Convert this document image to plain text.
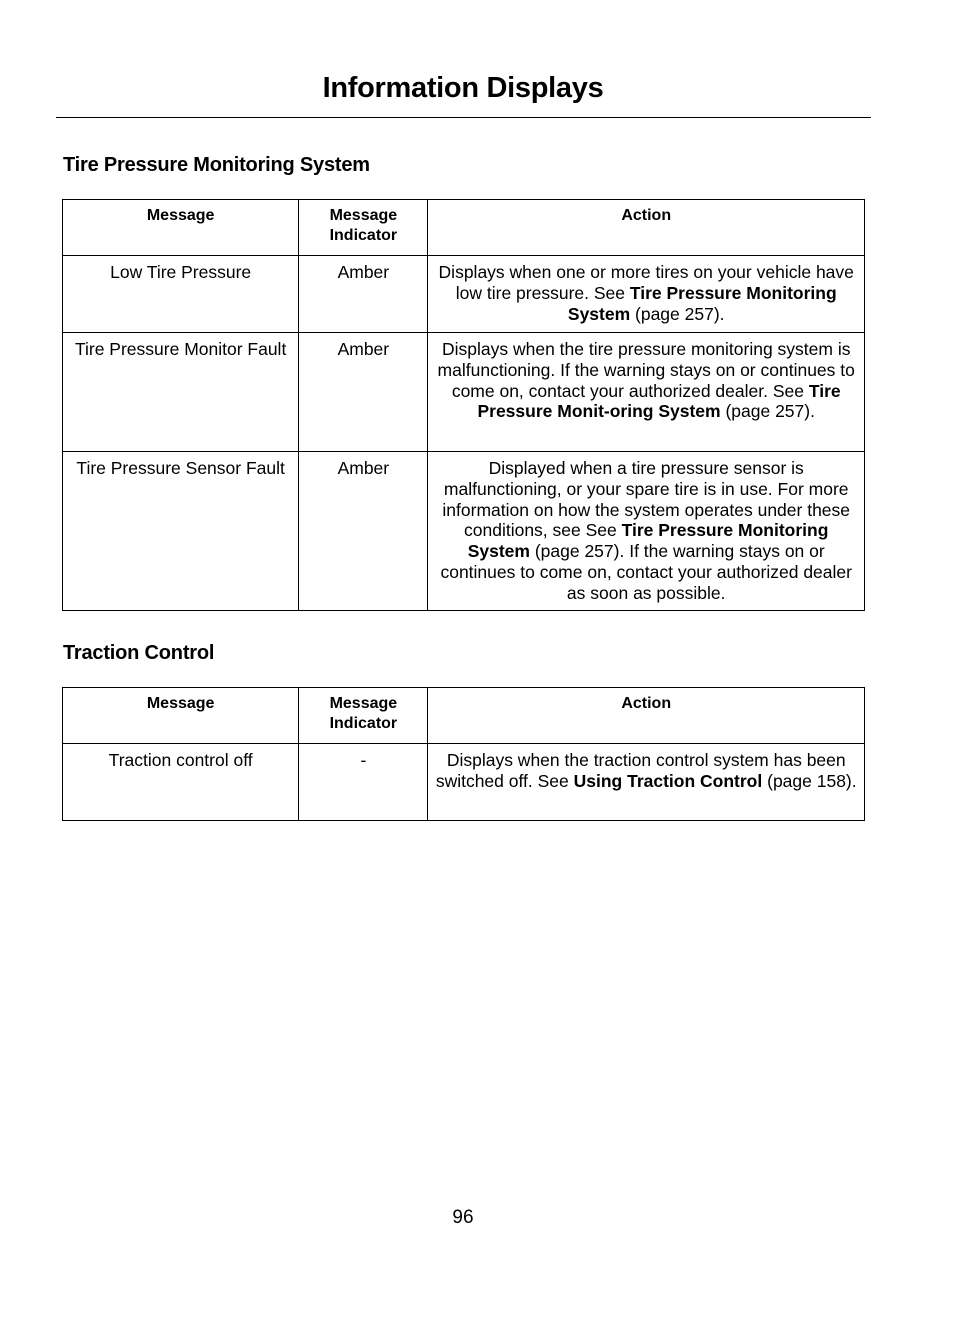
Information Displays
Tire Pressure Monitoring System
Message	Message Indicator	Action
Low Tire Pressure	Amber	Displays when one or more tires on your vehicle have low tire pressure. See Tire Pressure Monitoring System (page 257).
Tire Pressure Monitor Fault	Amber	Displays when the tire pressure monitoring system is malfunctioning. If the warning stays on or continues to come on, contact your authorized dealer. See Tire Pressure Monit-oring System (page 257).
Tire Pressure Sensor Fault	Amber	Displayed when a tire pressure sensor is malfunctioning, or your spare tire is in use. For more information on how the system operates under these conditions, see See Tire Pressure Monitoring System (page 257). If the warning stays on or continues to come on, contact your authorized dealer as soon as possible.
Traction Control
Message	Message Indicator	Action
Traction control off	-	Displays when the traction control system has been switched off. See Using Traction Control (page 158).
96
